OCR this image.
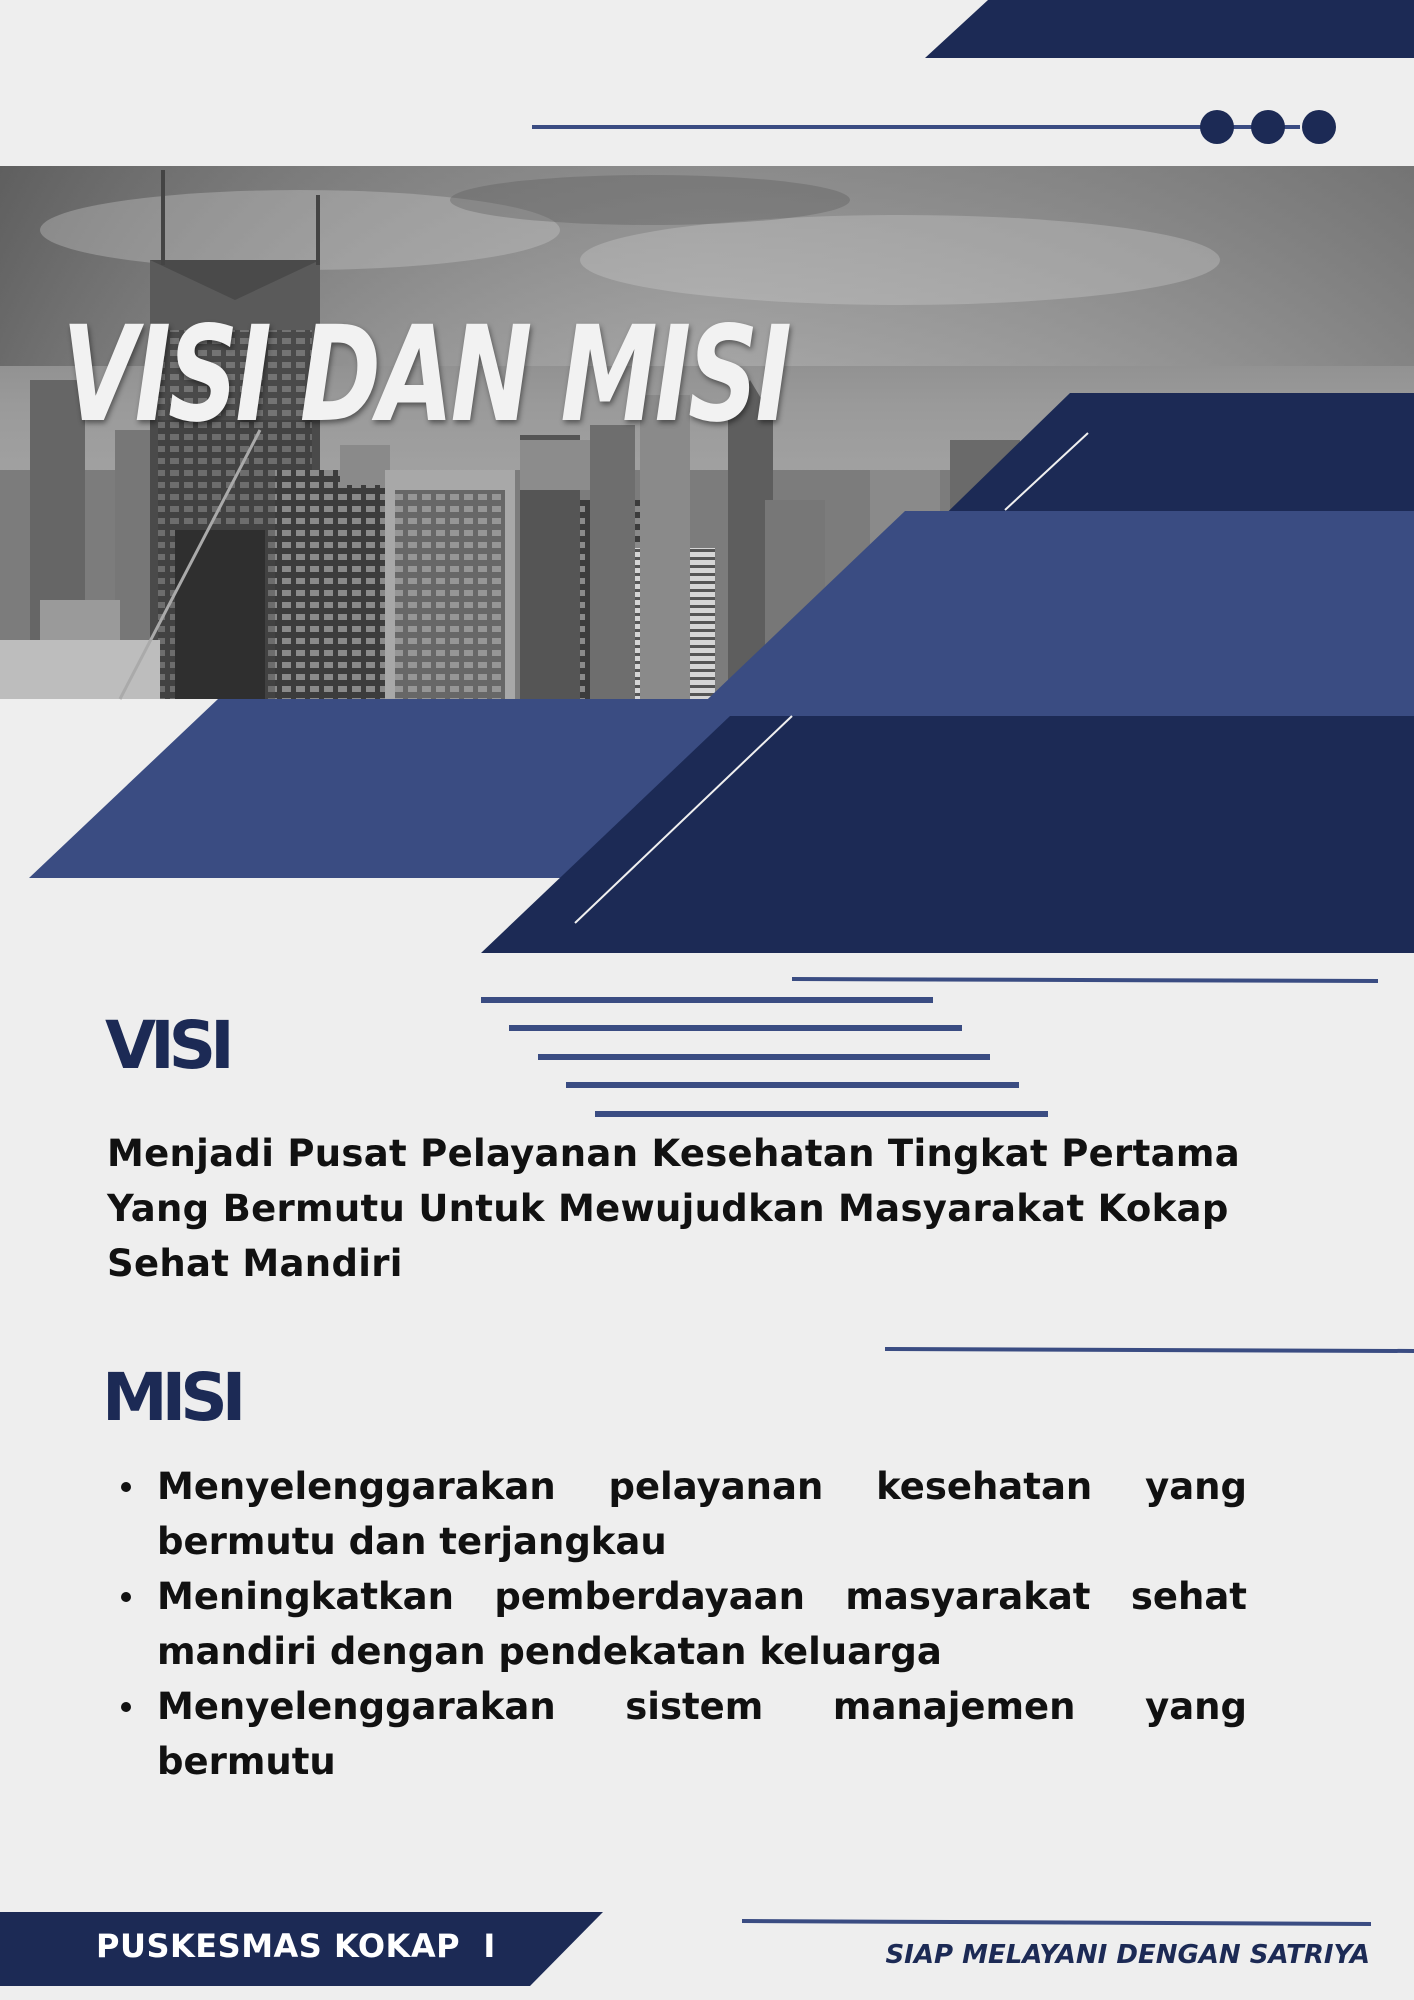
VISI DAN MISI
VISI

Menjadi Pusat Pelayanan Kesehatan Tingkat Pertama Yang Bermutu Untuk Mewujudkan Masyarakat Kokap Sehat Mandiri

MISI
Menyelenggarakan pelayanan kesehatan yang bermutu dan terjangkau
Meningkatkan pemberdayaan masyarakat sehat mandiri dengan pendekatan keluarga
Menyelenggarakan sistem manajemen yang bermutu

PUSKESMAS KOKAP  I	SIAP MELAYANI DENGAN SATRIYA
